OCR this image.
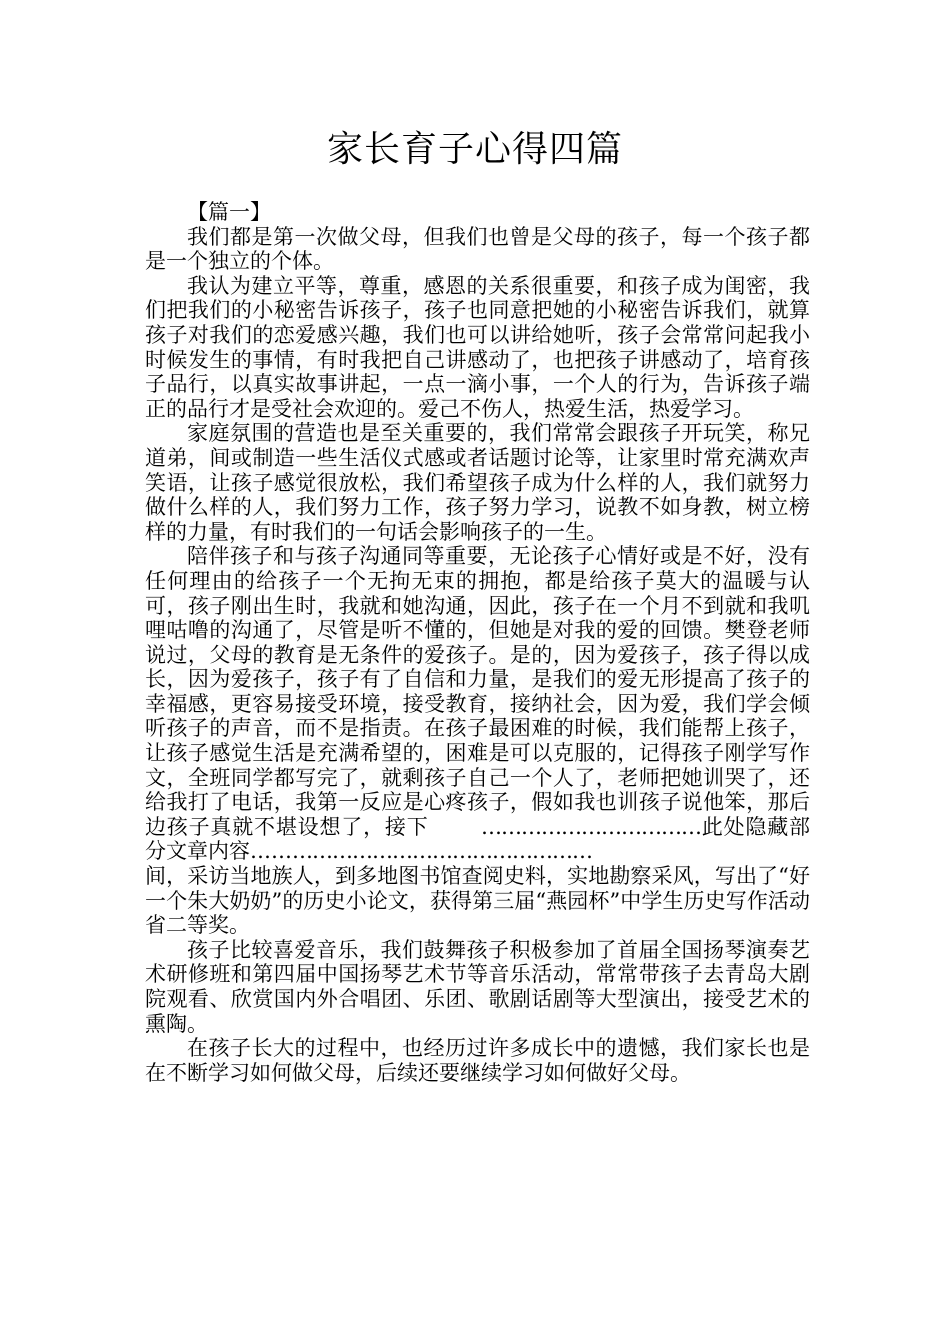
家长育子心得四篇

【篇一】

我们都是第一次做父母，但我们也曾是父母的孩子，每一个孩子都是一个独立的个体。

我认为建立平等，尊重，感恩的关系很重要，和孩子成为闺密，我们把我们的小秘密告诉孩子，孩子也同意把她的小秘密告诉我们，就算孩子对我们的恋爱感兴趣，我们也可以讲给她听，孩子会常常问起我小时候发生的事情，有时我把自己讲感动了，也把孩子讲感动了，培育孩子品行，以真实故事讲起，一点一滴小事，一个人的行为，告诉孩子端正的品行才是受社会欢迎的。爱己不伤人，热爱生活，热爱学习。

家庭氛围的营造也是至关重要的，我们常常会跟孩子开玩笑，称兄道弟，间或制造一些生活仪式感或者话题讨论等，让家里时常充满欢声笑语，让孩子感觉很放松，我们希望孩子成为什么样的人，我们就努力做什么样的人，我们努力工作，孩子努力学习，说教不如身教，树立榜样的力量，有时我们的一句话会影响孩子的一生。

陪伴孩子和与孩子沟通同等重要，无论孩子心情好或是不好，没有任何理由的给孩子一个无拘无束的拥抱，都是给孩子莫大的温暖与认可，孩子刚出生时，我就和她沟通，因此，孩子在一个月不到就和我叽哩咕噜的沟通了，尽管是听不懂的，但她是对我的爱的回馈。樊登老师说过，父母的教育是无条件的爱孩子。是的，因为爱孩子，孩子得以成长，因为爱孩子，孩子有了自信和力量，是我们的爱无形提高了孩子的幸福感，更容易接受环境，接受教育，接纳社会，因为爱，我们学会倾听孩子的声音，而不是指责。在孩子最困难的时候，我们能帮上孩子，让孩子感觉生活是充满希望的，困难是可以克服的，记得孩子刚学写作文，全班同学都写完了，就剩孩子自己一个人了，老师把她训哭了，还给我打了电话，我第一反应是心疼孩子，假如我也训孩子说他笨，那后边孩子真就不堪设想了，接下 ……………………………此处隐藏部分文章内容……………………………………………

间，采访当地族人，到多地图书馆查阅史料，实地勘察采风，写出了“好一个朱大奶奶”的历史小论文，获得第三届“燕园杯”中学生历史写作活动省二等奖。

孩子比较喜爱音乐，我们鼓舞孩子积极参加了首届全国扬琴演奏艺术研修班和第四届中国扬琴艺术节等音乐活动，常常带孩子去青岛大剧院观看、欣赏国内外合唱团、乐团、歌剧话剧等大型演出，接受艺术的熏陶。

在孩子长大的过程中，也经历过许多成长中的遗憾，我们家长也是在不断学习如何做父母，后续还要继续学习如何做好父母。
